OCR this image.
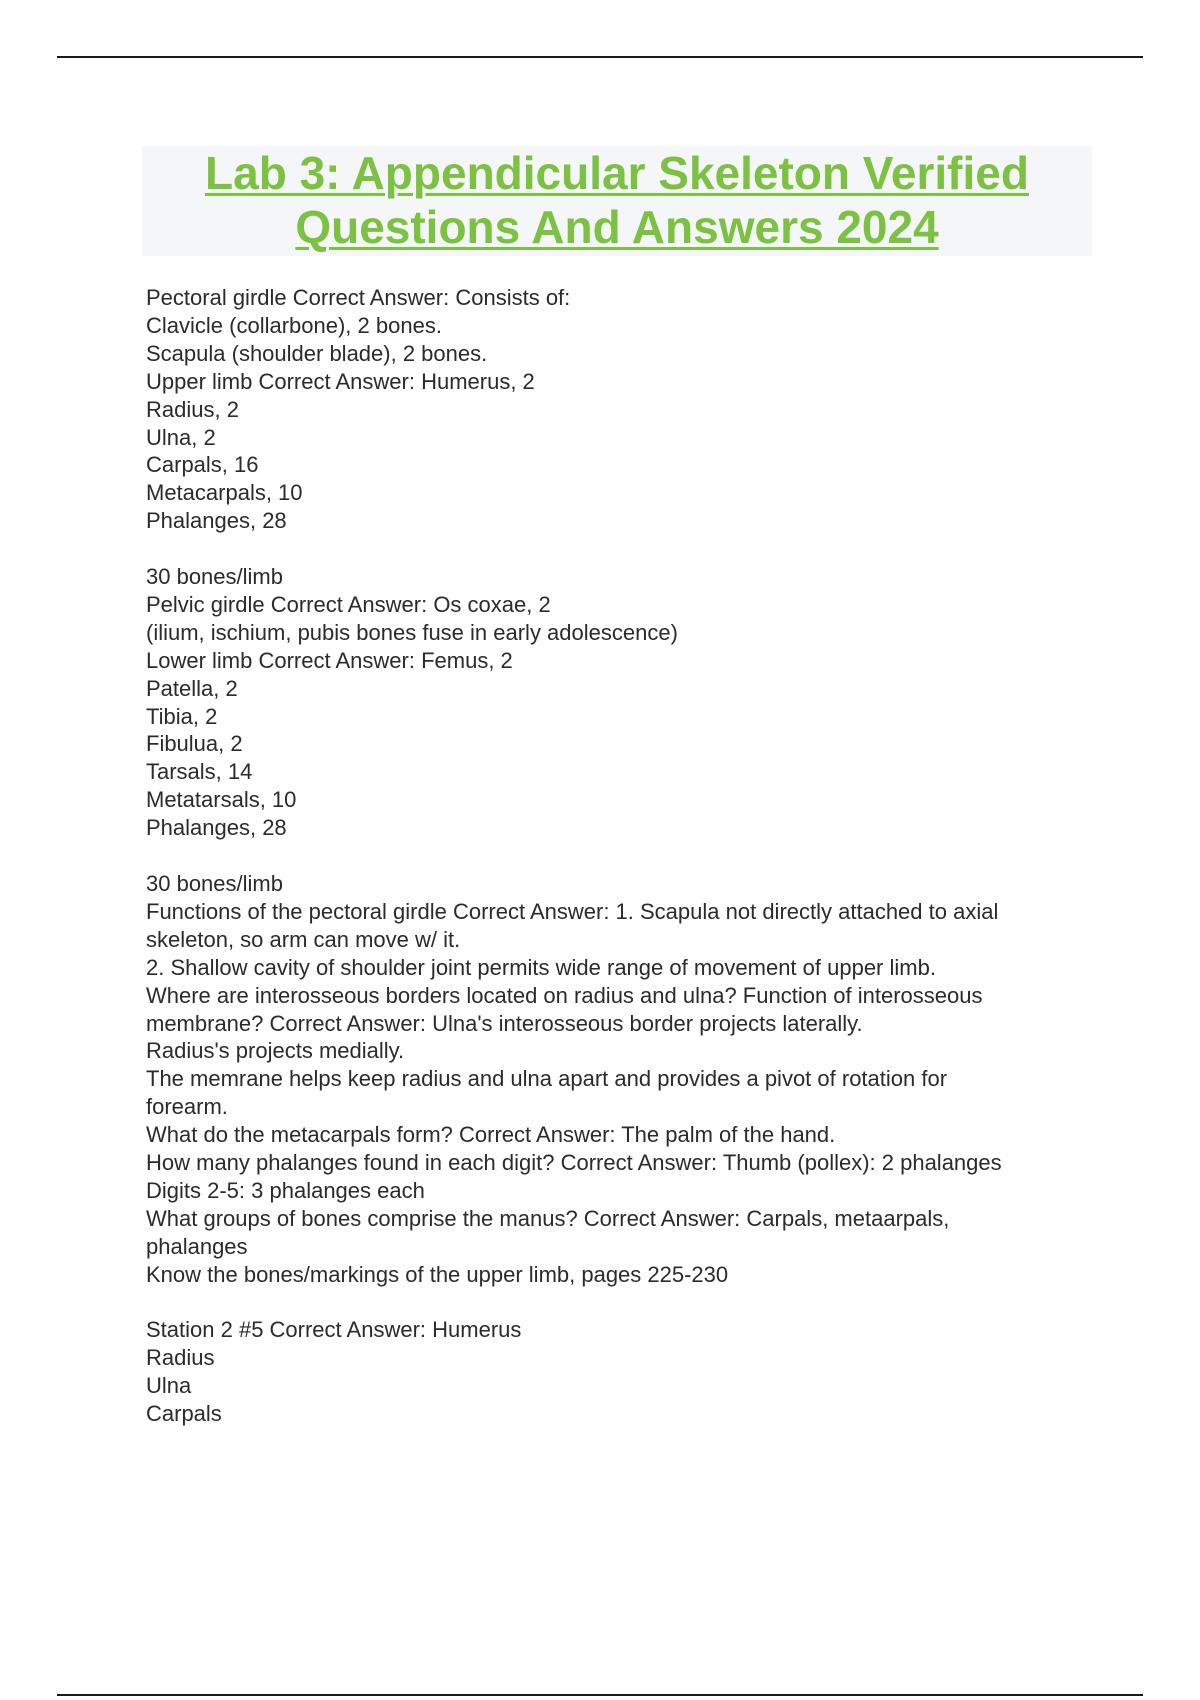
Lab 3: Appendicular Skeleton Verified
Questions And Answers 2024
Pectoral girdle Correct Answer: Consists of:
Clavicle (collarbone), 2 bones.
Scapula (shoulder blade), 2 bones.
Upper limb Correct Answer: Humerus, 2
Radius, 2
Ulna, 2
Carpals, 16
Metacarpals, 10
Phalanges, 28
30 bones/limb
Pelvic girdle Correct Answer: Os coxae, 2
(ilium, ischium, pubis bones fuse in early adolescence)
Lower limb Correct Answer: Femus, 2
Patella, 2
Tibia, 2
Fibulua, 2
Tarsals, 14
Metatarsals, 10
Phalanges, 28
30 bones/limb
Functions of the pectoral girdle Correct Answer: 1. Scapula not directly attached to axial
skeleton, so arm can move w/ it.
2. Shallow cavity of shoulder joint permits wide range of movement of upper limb.
Where are interosseous borders located on radius and ulna? Function of interosseous
membrane? Correct Answer: Ulna's interosseous border projects laterally.
Radius's projects medially.
The memrane helps keep radius and ulna apart and provides a pivot of rotation for
forearm.
What do the metacarpals form? Correct Answer: The palm of the hand.
How many phalanges found in each digit? Correct Answer: Thumb (pollex): 2 phalanges
Digits 2-5: 3 phalanges each
What groups of bones comprise the manus? Correct Answer: Carpals, metaarpals,
phalanges
Know the bones/markings of the upper limb, pages 225-230
Station 2 #5 Correct Answer: Humerus
Radius
Ulna
Carpals
